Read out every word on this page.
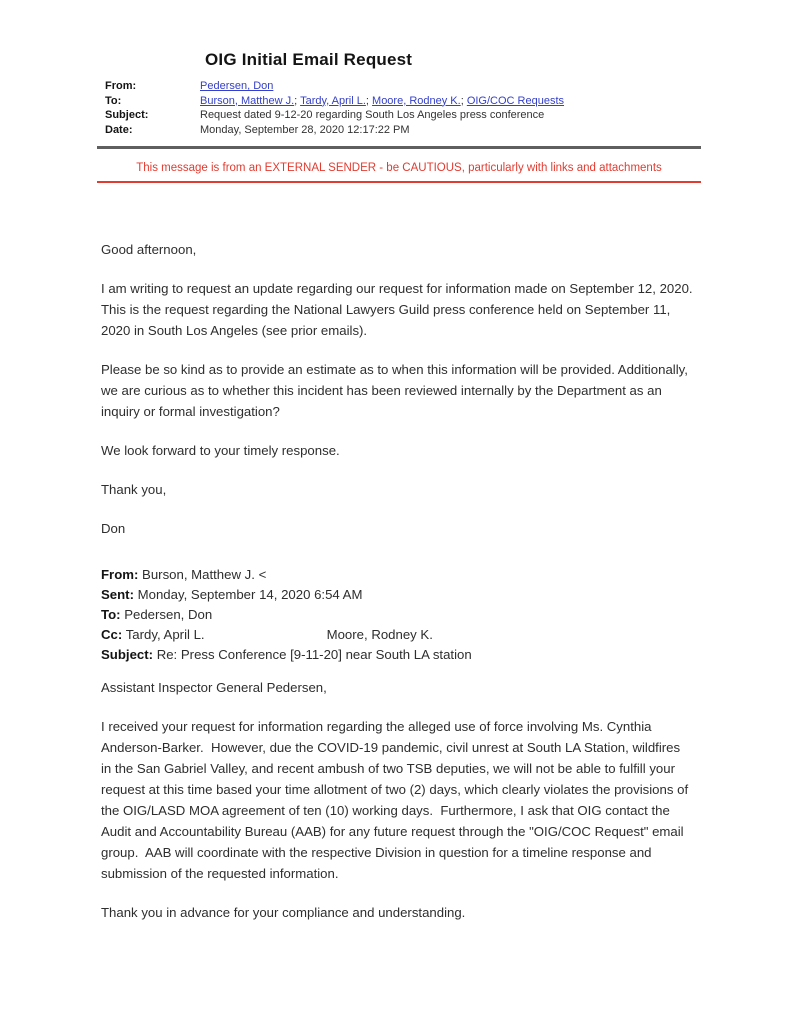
OIG Initial Email Request
From:	Pedersen, Don
To:	Burson, Matthew J.; Tardy, April L.; Moore, Rodney K.; OIG/COC Requests
Subject:	Request dated 9-12-20 regarding South Los Angeles press conference
Date:	Monday, September 28, 2020 12:17:22 PM
This message is from an EXTERNAL SENDER - be CAUTIOUS, particularly with links and attachments

Good afternoon,

I am writing to request an update regarding our request for information made on September 12, 2020. This is the request regarding the National Lawyers Guild press conference held on September 11, 2020 in South Los Angeles (see prior emails).

Please be so kind as to provide an estimate as to when this information will be provided. Additionally, we are curious as to whether this incident has been reviewed internally by the Department as an inquiry or formal investigation?

We look forward to your timely response.

Thank you,

Don

From: Burson, Matthew J. <
Sent: Monday, September 14, 2020 6:54 AM
To: Pedersen, Don
Cc: Tardy, April L.	Moore, Rodney K.
Subject: Re: Press Conference [9-11-20] near South LA station

Assistant Inspector General Pedersen,

I received your request for information regarding the alleged use of force involving Ms. Cynthia Anderson-Barker.  However, due the COVID-19 pandemic, civil unrest at South LA Station, wildfires in the San Gabriel Valley, and recent ambush of two TSB deputies, we will not be able to fulfill your request at this time based your time allotment of two (2) days, which clearly violates the provisions of the OIG/LASD MOA agreement of ten (10) working days.  Furthermore, I ask that OIG contact the Audit and Accountability Bureau (AAB) for any future request through the "OIG/COC Request" email group.  AAB will coordinate with the respective Division in question for a timeline response and submission of the requested information.

Thank you in advance for your compliance and understanding.
